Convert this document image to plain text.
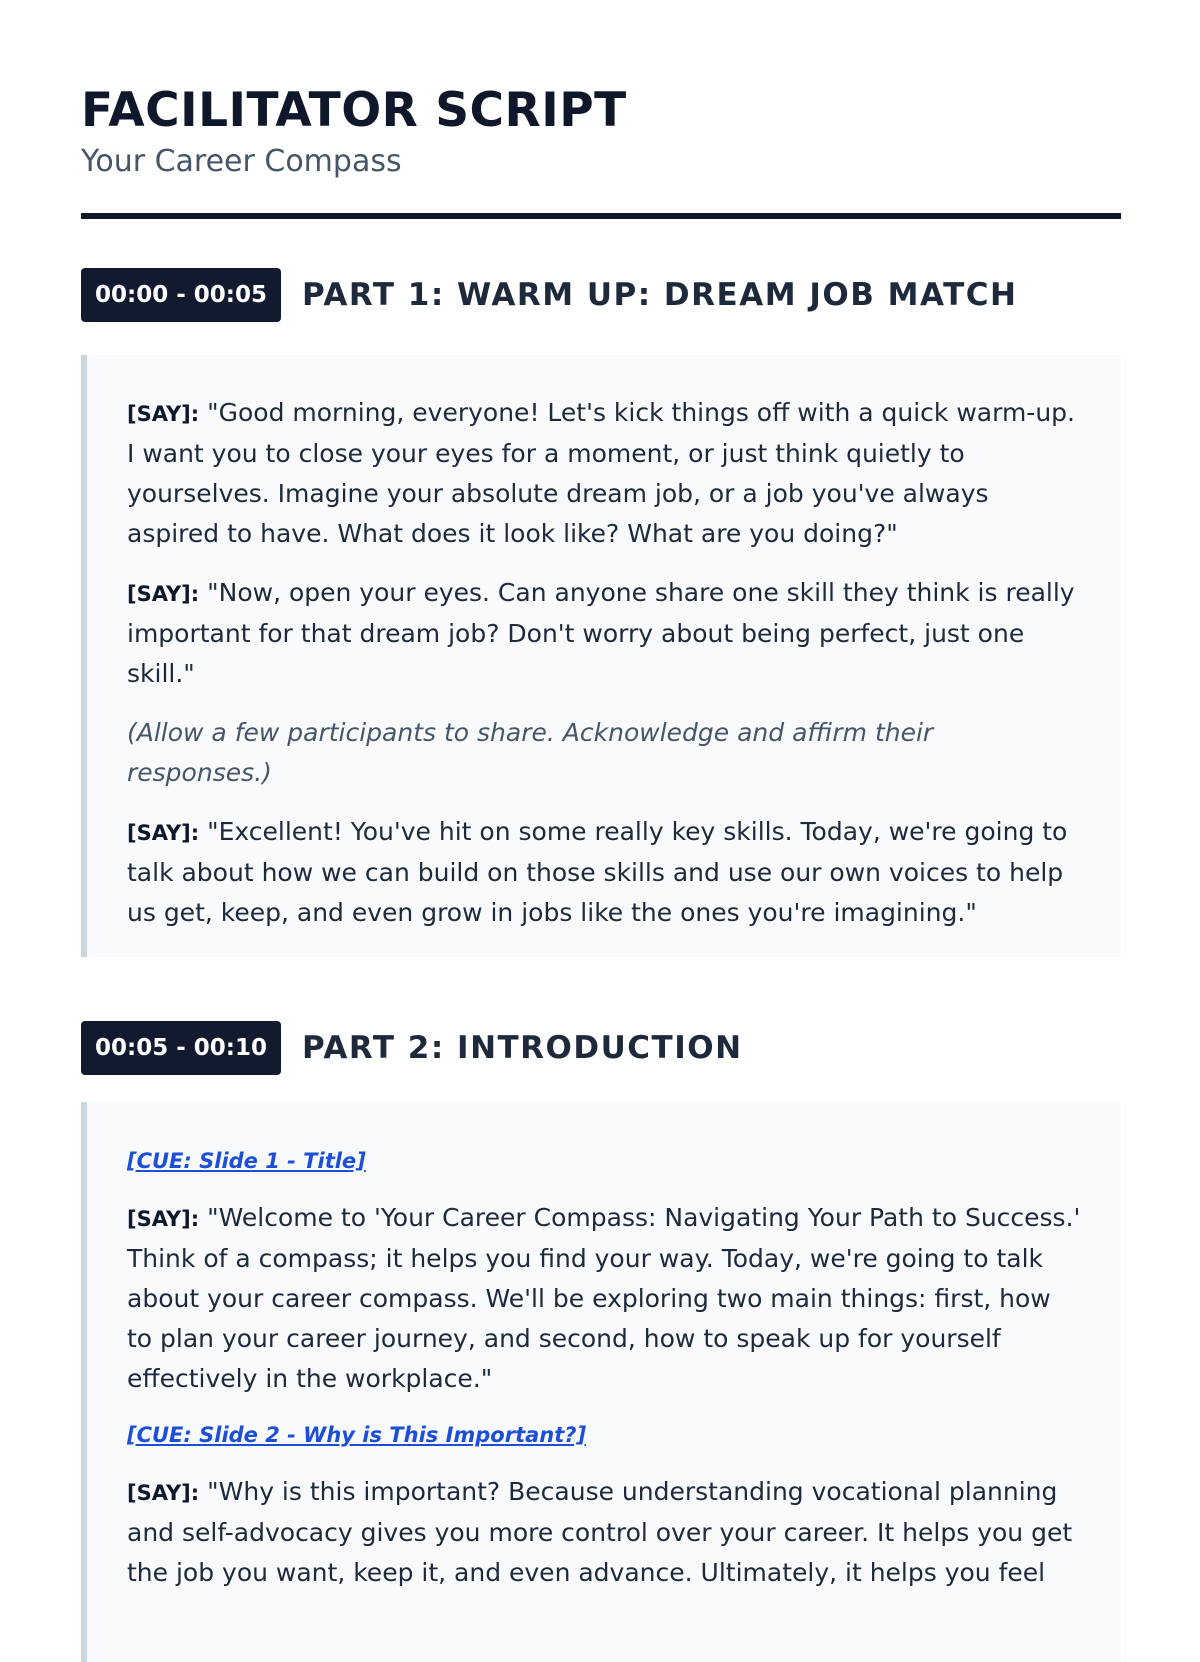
FACILITATOR SCRIPT
Your Career Compass
00:00 - 00:05	PART 1: WARM UP: DREAM JOB MATCH

[SAY]: "Good morning, everyone! Let's kick things off with a quick warm-up. I want you to close your eyes for a moment, or just think quietly to yourselves. Imagine your absolute dream job, or a job you've always aspired to have. What does it look like? What are you doing?"

[SAY]: "Now, open your eyes. Can anyone share one skill they think is really important for that dream job? Don't worry about being perfect, just one skill."

(Allow a few participants to share. Acknowledge and affirm their responses.)

[SAY]: "Excellent! You've hit on some really key skills. Today, we're going to talk about how we can build on those skills and use our own voices to help us get, keep, and even grow in jobs like the ones you're imagining."

00:05 - 00:10	PART 2: INTRODUCTION
[CUE: Slide 1 - Title]

[SAY]: "Welcome to 'Your Career Compass: Navigating Your Path to Success.' Think of a compass; it helps you find your way. Today, we're going to talk about your career compass. We'll be exploring two main things: first, how to plan your career journey, and second, how to speak up for yourself effectively in the workplace."

[CUE: Slide 2 - Why is This Important?]

[SAY]: "Why is this important? Because understanding vocational planning and self-advocacy gives you more control over your career. It helps you get the job you want, keep it, and even advance. Ultimately, it helps you feel
